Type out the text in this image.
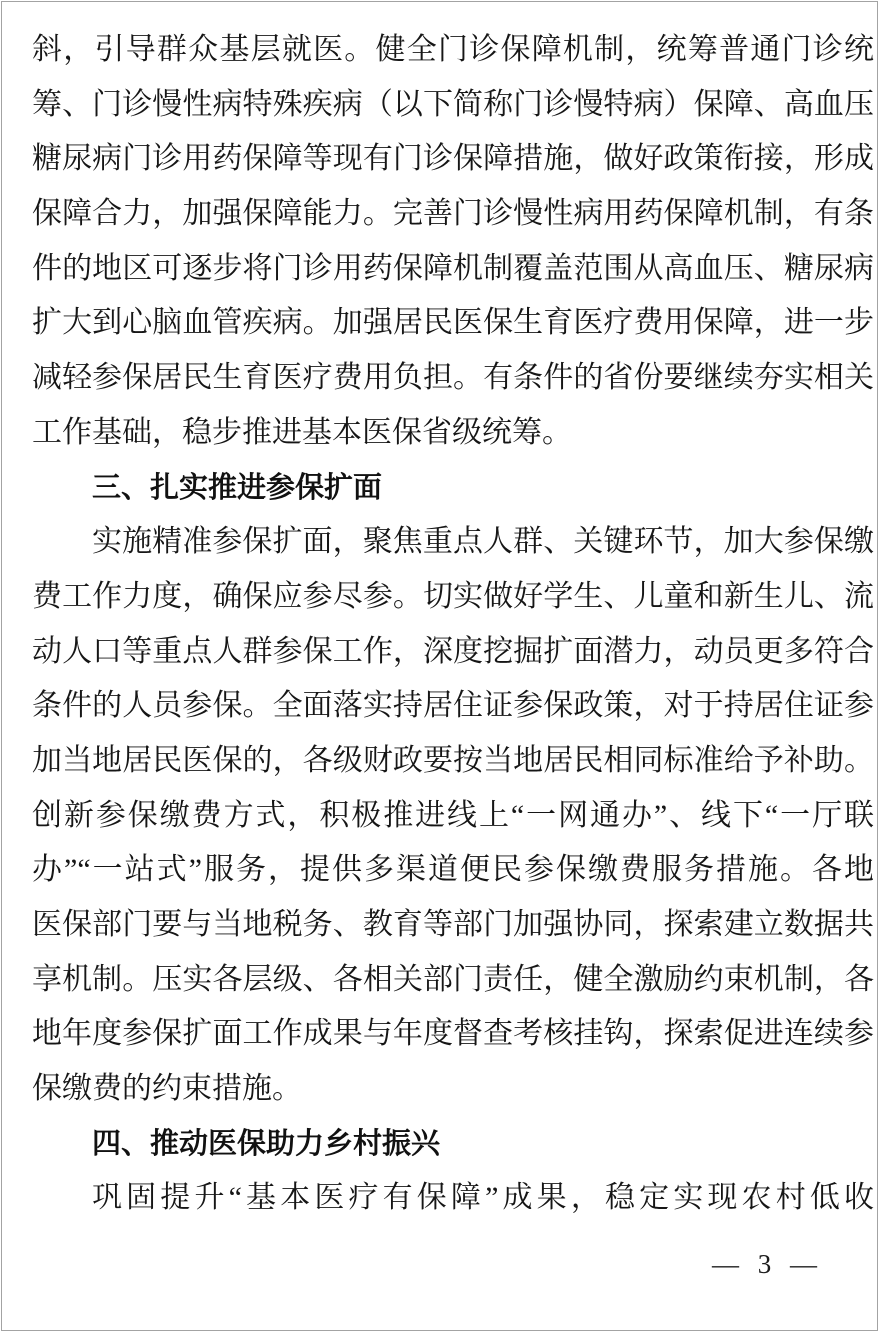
斜，引导群众基层就医。健全门诊保障机制，统筹普通门诊统
筹、门诊慢性病特殊疾病（以下简称门诊慢特病）保障、高血压
糖尿病门诊用药保障等现有门诊保障措施，做好政策衔接，形成
保障合力，加强保障能力。完善门诊慢性病用药保障机制，有条
件的地区可逐步将门诊用药保障机制覆盖范围从高血压、糖尿病
扩大到心脑血管疾病。加强居民医保生育医疗费用保障，进一步
减轻参保居民生育医疗费用负担。有条件的省份要继续夯实相关
工作基础，稳步推进基本医保省级统筹。
三、扎实推进参保扩面
实施精准参保扩面，聚焦重点人群、关键环节，加大参保缴
费工作力度，确保应参尽参。切实做好学生、儿童和新生儿、流
动人口等重点人群参保工作，深度挖掘扩面潜力，动员更多符合
条件的人员参保。全面落实持居住证参保政策，对于持居住证参
加当地居民医保的，各级财政要按当地居民相同标准给予补助。
创新参保缴费方式，积极推进线上“一网通办”、线下“一厅联
办”“一站式”服务，提供多渠道便民参保缴费服务措施。各地
医保部门要与当地税务、教育等部门加强协同，探索建立数据共
享机制。压实各层级、各相关部门责任，健全激励约束机制，各
地年度参保扩面工作成果与年度督查考核挂钩，探索促进连续参
保缴费的约束措施。
四、推动医保助力乡村振兴
巩固提升“基本医疗有保障”成果，稳定实现农村低收
— 3 —
